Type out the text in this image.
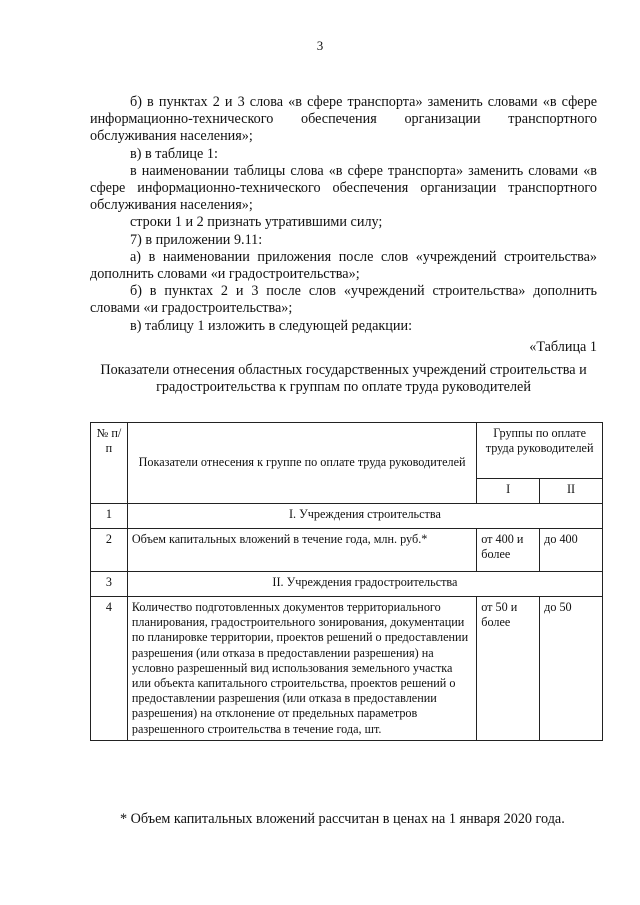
3

б) в пунктах 2 и 3 слова «в сфере транспорта» заменить словами «в сфере информационно-технического обеспечения организации транспортного обслуживания населения»;

в) в таблице 1:

в наименовании таблицы слова «в сфере транспорта» заменить словами «в сфере информационно-технического обеспечения организации транспортного обслуживания населения»;

строки 1 и 2 признать утратившими силу;

7) в приложении 9.11:

а) в наименовании приложения после слов «учреждений строительства» дополнить словами «и градостроительства»;

б) в пунктах 2 и 3 после слов «учреждений строительства» дополнить словами «и градостроительства»;

в) таблицу 1 изложить в следующей редакции:

«Таблица 1

Показатели отнесения областных государственных учреждений строительства и градостроительства к группам по оплате труда руководителей
№ п/п	Показатели отнесения к группе по оплате труда руководителей	Группы по оплате труда руководителей	
		I	II
1	I. Учреждения строительства		
2	Объем капитальных вложений в течение года, млн. руб.*	от 400 и более	до 400
3	II. Учреждения градостроительства		
4	Количество подготовленных документов территориального планирования, градостроительного зонирования, документации по планировке территории, проектов решений о предоставлении разрешения (или отказа в предоставлении разрешения) на условно разрешенный вид использования земельного участка или объекта капитального строительства, проектов решений о предоставлении разрешения (или отказа в предоставлении разрешения) на отклонение от предельных параметров разрешенного строительства в течение года, шт.	от 50 и более	до 50
* Объем капитальных вложений рассчитан в ценах на 1 января 2020 года.
